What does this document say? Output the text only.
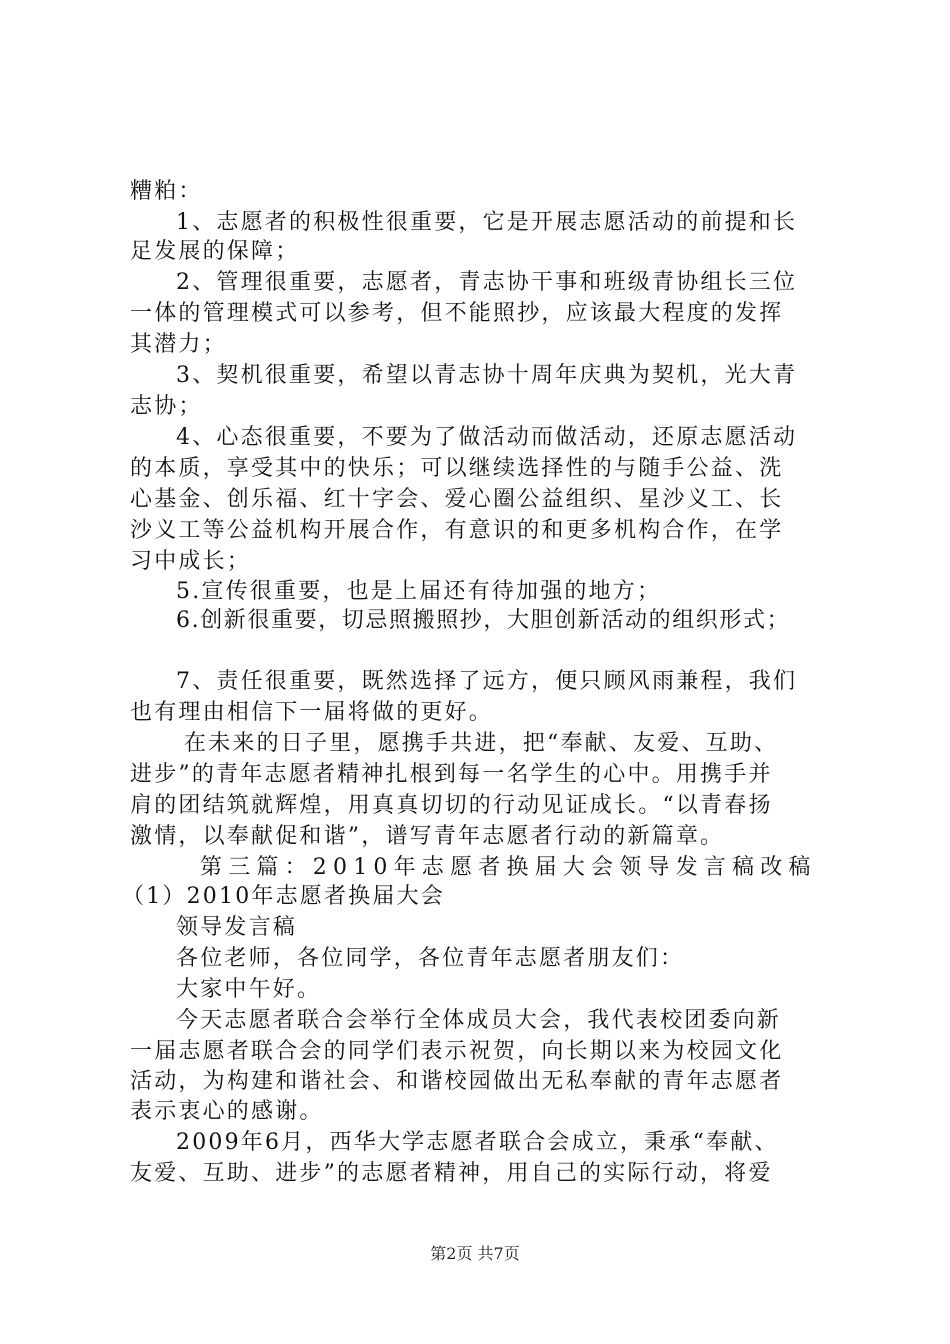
糟粕：
1、志愿者的积极性很重要，它是开展志愿活动的前提和长
足发展的保障；
2、管理很重要，志愿者，青志协干事和班级青协组长三位
一体的管理模式可以参考，但不能照抄，应该最大程度的发挥
其潜力；
3、契机很重要，希望以青志协十周年庆典为契机，光大青
志协；
4、心态很重要，不要为了做活动而做活动，还原志愿活动
的本质，享受其中的快乐；可以继续选择性的与随手公益、洗
心基金、创乐福、红十字会、爱心圈公益组织、星沙义工、长
沙义工等公益机构开展合作，有意识的和更多机构合作，在学
习中成长；
5.宣传很重要，也是上届还有待加强的地方；
6.创新很重要，切忌照搬照抄，大胆创新活动的组织形式；
7、责任很重要，既然选择了远方，便只顾风雨兼程，我们
也有理由相信下一届将做的更好。
在未来的日子里，愿携手共进，把“奉献、友爱、互助、
进步”的青年志愿者精神扎根到每一名学生的心中。用携手并
肩的团结筑就辉煌，用真真切切的行动见证成长。“以青春扬
激情，以奉献促和谐”，谱写青年志愿者行动的新篇章。
第三篇：2010年志愿者换届大会领导发言稿改稿
（1）2010年志愿者换届大会
领导发言稿
各位老师，各位同学，各位青年志愿者朋友们：
大家中午好。
今天志愿者联合会举行全体成员大会，我代表校团委向新
一届志愿者联合会的同学们表示祝贺，向长期以来为校园文化
活动，为构建和谐社会、和谐校园做出无私奉献的青年志愿者
表示衷心的感谢。
2009年6月，西华大学志愿者联合会成立，秉承“奉献、
友爱、互助、进步”的志愿者精神，用自己的实际行动，将爱
第2页 共7页
